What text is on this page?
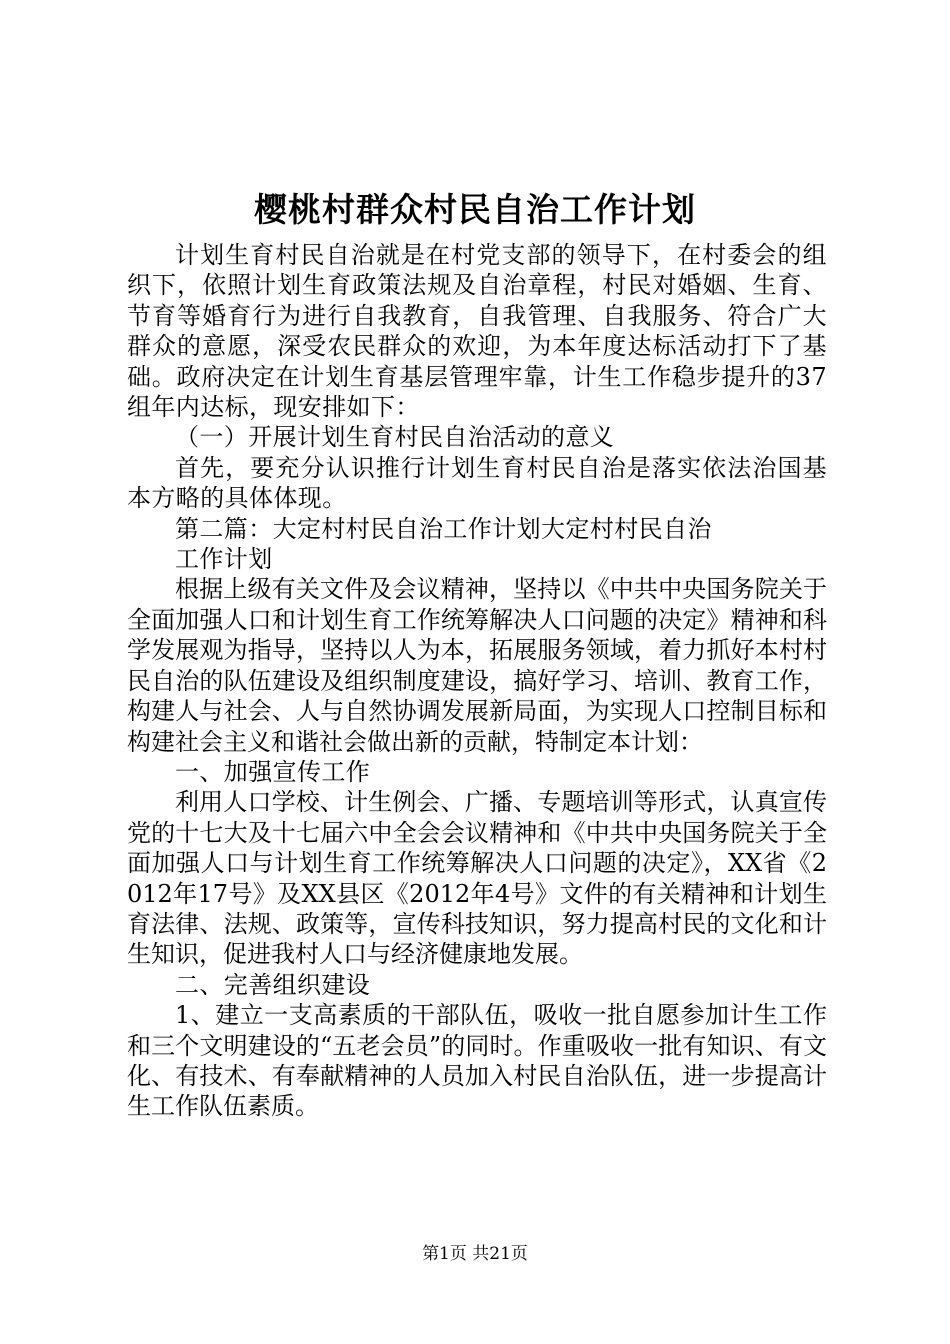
樱桃村群众村民自治工作计划

计划生育村民自治就是在村党支部的领导下，在村委会的组织下，依照计划生育政策法规及自治章程，村民对婚姻、生育、节育等婚育行为进行自我教育，自我管理、自我服务、符合广大群众的意愿，深受农民群众的欢迎，为本年度达标活动打下了基础。政府决定在计划生育基层管理牢靠，计生工作稳步提升的37组年内达标，现安排如下：

（一）开展计划生育村民自治活动的意义

首先，要充分认识推行计划生育村民自治是落实依法治国基本方略的具体体现。

第二篇：大定村村民自治工作计划大定村村民自治

工作计划

根据上级有关文件及会议精神，坚持以《中共中央国务院关于全面加强人口和计划生育工作统筹解决人口问题的决定》精神和科学发展观为指导，坚持以人为本，拓展服务领域，着力抓好本村村民自治的队伍建设及组织制度建设，搞好学习、培训、教育工作，构建人与社会、人与自然协调发展新局面，为实现人口控制目标和构建社会主义和谐社会做出新的贡献，特制定本计划：

一、加强宣传工作

利用人口学校、计生例会、广播、专题培训等形式，认真宣传党的十七大及十七届六中全会会议精神和《中共中央国务院关于全面加强人口与计划生育工作统筹解决人口问题的决定》，XX省《2012年17号》及XX县区《2012年4号》文件的有关精神和计划生育法律、法规、政策等，宣传科技知识，努力提高村民的文化和计生知识，促进我村人口与经济健康地发展。

二、完善组织建设

1、建立一支高素质的干部队伍，吸收一批自愿参加计生工作和三个文明建设的“五老会员”的同时。作重吸收一批有知识、有文化、有技术、有奉献精神的人员加入村民自治队伍，进一步提高计生工作队伍素质。

第1页 共21页
